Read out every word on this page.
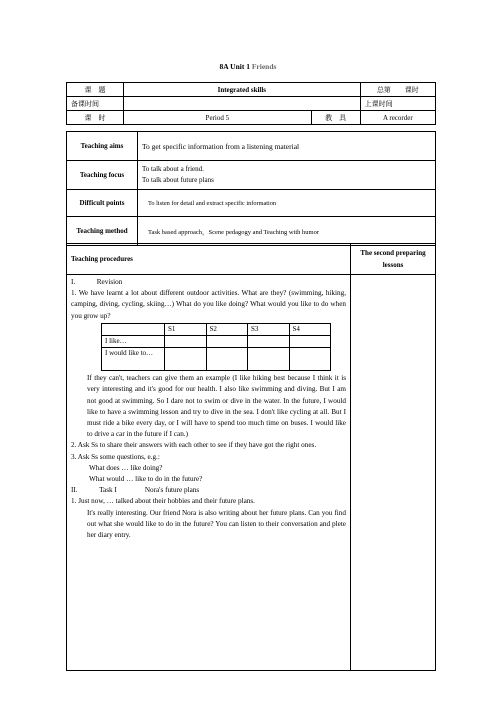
8A Unit 1 Friends
课　题	Integrated skills		总第　　课时
备课时间			上课时间
课　时	Period 5	教　具	A recorder
Teaching aims	To get specific information from a listening material
Teaching focus	To talk about a friend.
To talk about future plans

Difficult points	To listen for detail and extract specific information
Teaching method	Task based approach，Scene pedagogy and Teaching with humor
Teaching procedures	The second preparing lessons

I.　　　Revision

1. We have learnt a lot about different outdoor activities. What are they? (swimming, hiking, camping, diving, cycling, skiing…) What do you like doing? What would you like to do when you grow up?

	S1	S2	S3	S4
I like…				
I would like to…				

If they can't, teachers can give them an example (I like hiking best because I think it is very interesting and it's good for our health. I also like swimming and diving. But I am not good at swimming. So I dare not to swim or dive in the water. In the future, I would like to have a swimming lesson and try to dive in the sea. I don't like cycling at all. But I must ride a bike every day, or I will have to spend too much time on buses. I would like to drive a car in the future if I can.)

2. Ask Ss to share their answers with each other to see if they have got the right ones.

3. Ask Ss some questions, e.g.:

What does … like doing?

What would … like to do in the future?

II.　　　Task I	Nora's future plans

1. Just now, … talked about their hobbies and their future plans.

It's really interesting. Our friend Nora is also writing about her future plans. Can you find out what she would like to do in the future? You can listen to their conversation and plete her diary entry.
